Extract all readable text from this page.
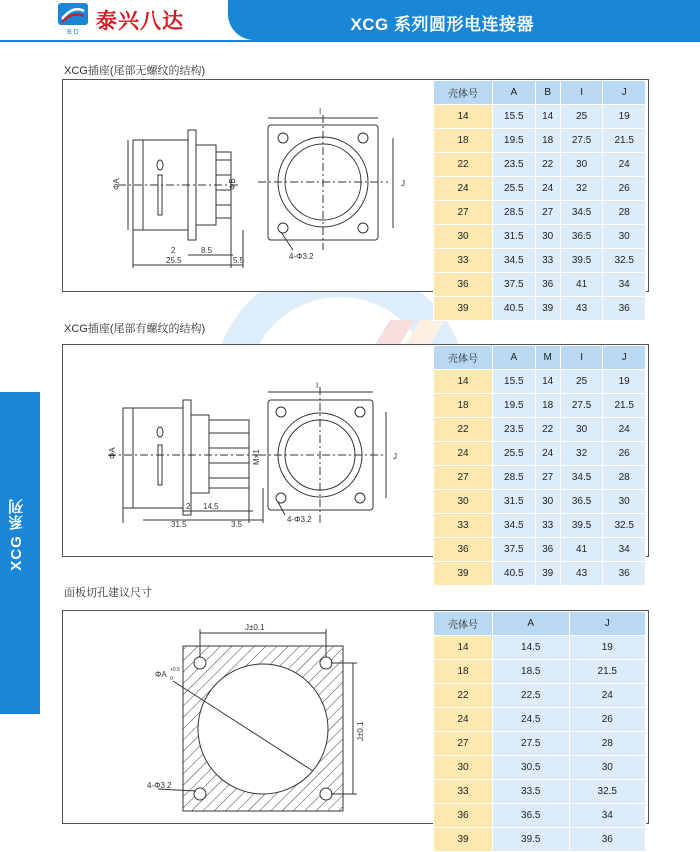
B D 泰兴八达	XCG 系列圆形电连接器
XCG 系列
XCG插座(尾部无螺纹的结构)
ΦA	ΦB
I
J
2	8.5
25.5	5.5	4-Φ3.2
壳体号	A	B	I	J
14	15.5	14	25	19
18	19.5	18	27.5	21.5
22	23.5	22	30	24
24	25.5	24	32	26
27	28.5	27	34.5	28
30	31.5	30	36.5	30
33	34.5	33	39.5	32.5
36	37.5	36	41	34
39	40.5	39	43	36
XCG插座(尾部有螺纹的结构)
ΦA	M×1
I
J
2 14.5
31.5	3.5
4-Φ3.2
壳体号	A	M	I	J
14	15.5	14	25	19
18	19.5	18	27.5	21.5
22	23.5	22	30	24
24	25.5	24	32	26
27	28.5	27	34.5	28
30	31.5	30	36.5	30
33	34.5	33	39.5	32.5
36	37.5	36	41	34
39	40.5	39	43	36
面板切孔建议尺寸
J±0.1
ΦA +0.5
0
J±0.1
4-Φ3.2
壳体号	A	J
14	14.5	19
18	18.5	21.5
22	22.5	24
24	24.5	26
27	27.5	28
30	30.5	30
33	33.5	32.5
36	36.5	34
39	39.5	36
